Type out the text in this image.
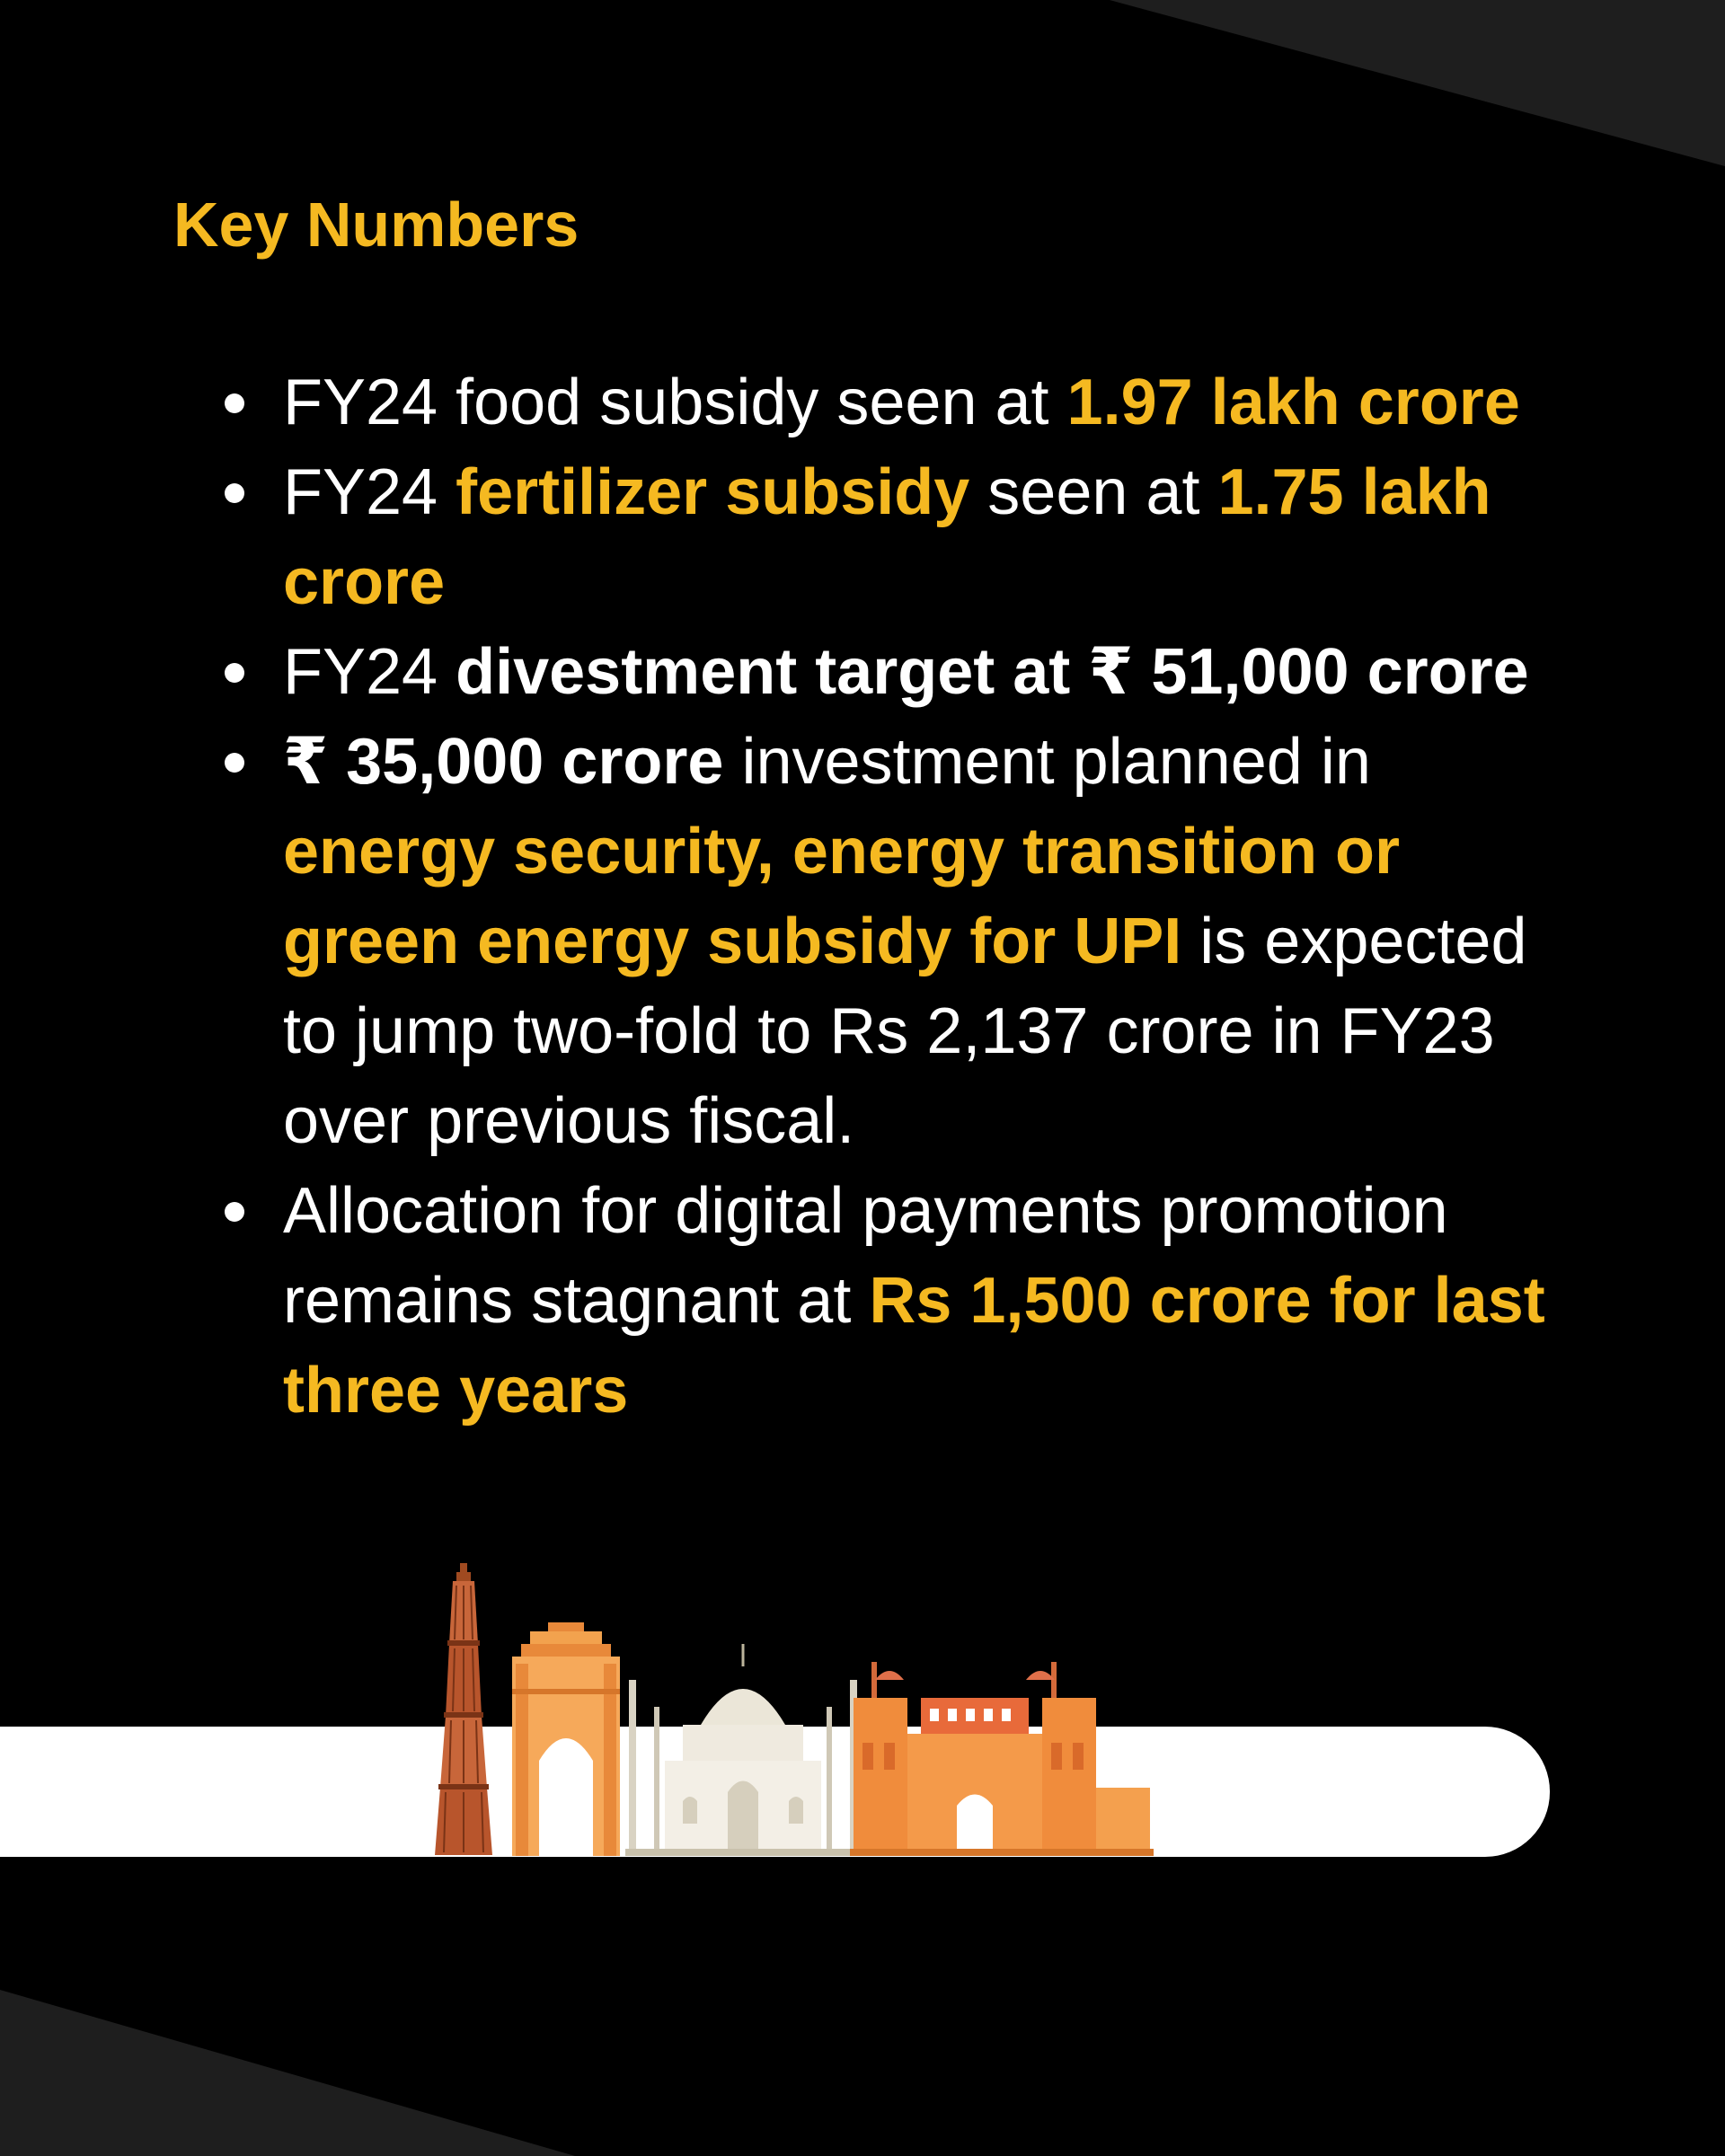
Key Numbers
FY24 food subsidy seen at 1.97 lakh crore
FY24 fertilizer subsidy seen at 1.75 lakh crore
FY24 divestment target at ₹ 51,000 crore
₹ 35,000 crore investment planned in energy security, energy transition or green energy subsidy for UPI is expected to jump two-fold to Rs 2,137 crore in FY23 over previous fiscal.
Allocation for digital payments promotion remains stagnant at Rs 1,500 crore for last three years
